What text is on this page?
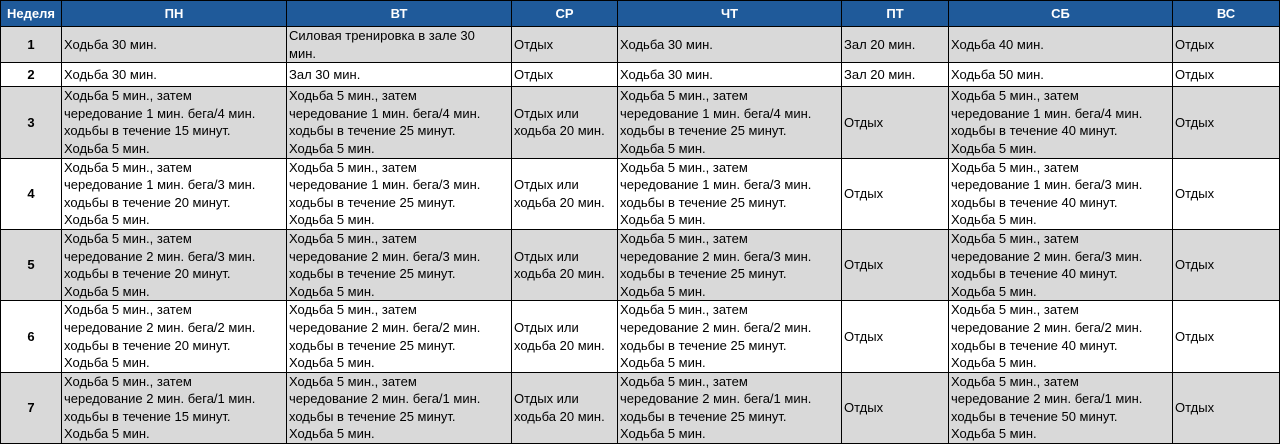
Неделя	ПН	ВТ	СР	ЧТ	ПТ	СБ	ВС
1	Ходьба 30 мин.	Силовая тренировка в зале 30
мин.	Отдых	Ходьба 30 мин.	Зал 20 мин.	Ходьба 40 мин.	Отдых
2	Ходьба 30 мин.	Зал 30 мин.	Отдых	Ходьба 30 мин.	Зал 20 мин.	Ходьба 50 мин.	Отдых
3	Ходьба 5 мин., затем
чередование 1 мин. бега/4 мин.
ходьбы в течение 15 минут.
Ходьба 5 мин.	Ходьба 5 мин., затем
чередование 1 мин. бега/4 мин.
ходьбы в течение 25 минут.
Ходьба 5 мин.	Отдых или
ходьба 20 мин.	Ходьба 5 мин., затем
чередование 1 мин. бега/4 мин.
ходьбы в течение 25 минут.
Ходьба 5 мин.	Отдых	Ходьба 5 мин., затем
чередование 1 мин. бега/4 мин.
ходьбы в течение 40 минут.
Ходьба 5 мин.	Отдых
4	Ходьба 5 мин., затем
чередование 1 мин. бега/3 мин.
ходьбы в течение 20 минут.
Ходьба 5 мин.	Ходьба 5 мин., затем
чередование 1 мин. бега/3 мин.
ходьбы в течение 25 минут.
Ходьба 5 мин.	Отдых или
ходьба 20 мин.	Ходьба 5 мин., затем
чередование 1 мин. бега/3 мин.
ходьбы в течение 25 минут.
Ходьба 5 мин.	Отдых	Ходьба 5 мин., затем
чередование 1 мин. бега/3 мин.
ходьбы в течение 40 минут.
Ходьба 5 мин.	Отдых
5	Ходьба 5 мин., затем
чередование 2 мин. бега/3 мин.
ходьбы в течение 20 минут.
Ходьба 5 мин.	Ходьба 5 мин., затем
чередование 2 мин. бега/3 мин.
ходьбы в течение 25 минут.
Ходьба 5 мин.	Отдых или
ходьба 20 мин.	Ходьба 5 мин., затем
чередование 2 мин. бега/3 мин.
ходьбы в течение 25 минут.
Ходьба 5 мин.	Отдых	Ходьба 5 мин., затем
чередование 2 мин. бега/3 мин.
ходьбы в течение 40 минут.
Ходьба 5 мин.	Отдых
6	Ходьба 5 мин., затем
чередование 2 мин. бега/2 мин.
ходьбы в течение 20 минут.
Ходьба 5 мин.	Ходьба 5 мин., затем
чередование 2 мин. бега/2 мин.
ходьбы в течение 25 минут.
Ходьба 5 мин.	Отдых или
ходьба 20 мин.	Ходьба 5 мин., затем
чередование 2 мин. бега/2 мин.
ходьбы в течение 25 минут.
Ходьба 5 мин.	Отдых	Ходьба 5 мин., затем
чередование 2 мин. бега/2 мин.
ходьбы в течение 40 минут.
Ходьба 5 мин.	Отдых
7	Ходьба 5 мин., затем
чередование 2 мин. бега/1 мин.
ходьбы в течение 15 минут.
Ходьба 5 мин.	Ходьба 5 мин., затем
чередование 2 мин. бега/1 мин.
ходьбы в течение 25 минут.
Ходьба 5 мин.	Отдых или
ходьба 20 мин.	Ходьба 5 мин., затем
чередование 2 мин. бега/1 мин.
ходьбы в течение 25 минут.
Ходьба 5 мин.	Отдых	Ходьба 5 мин., затем
чередование 2 мин. бега/1 мин.
ходьбы в течение 50 минут.
Ходьба 5 мин.	Отдых
